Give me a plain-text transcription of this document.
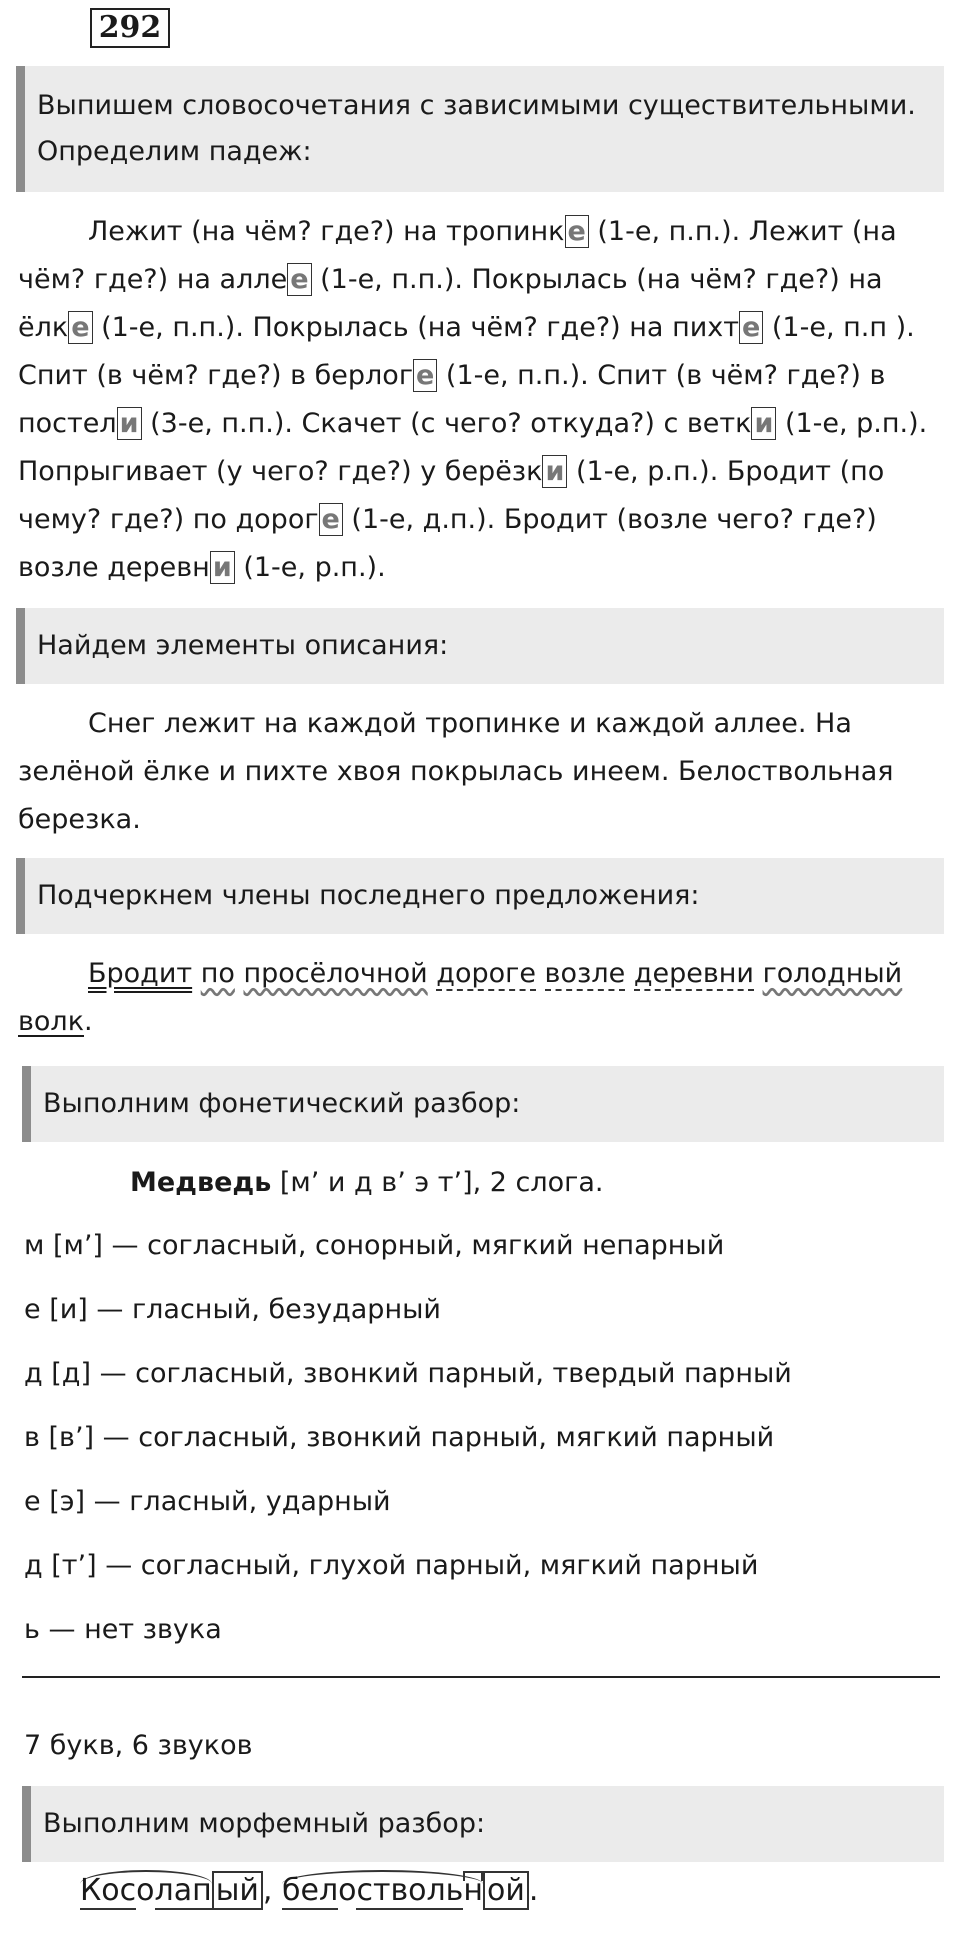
292
Выпишем словосочетания с зависимыми существительными. Определим падеж:

Лежит (на чём? где?) на тропинк е (1-е, п.п.). Лежит (на чём? где?) на алле е (1-е, п.п.). Покрылась (на чём? где?) на ёлк е (1-е, п.п.). Покрылась (на чём? где?) на пихт е (1-е, п.п ). Спит (в чём? где?) в берлог е (1-е, п.п.). Спит (в чём? где?) в постел и (3-е, п.п.). Скачет (с чего? откуда?) с ветк и (1-е, р.п.). Попрыгивает (у чего? где?) у берёзк и (1-е, р.п.). Бродит (по чему? где?) по дорог е (1-е, д.п.). Бродит (возле чего? где?) возле деревн и (1-е, р.п.).

Найдем элементы описания:

Снег лежит на каждой тропинке и каждой аллее. На зелёной ёлке и пихте хвоя покрылась инеем. Белоствольная березка.

Подчеркнем члены последнего предложения:

Бродит по просёлочной дороге возле деревни голодный волк.

Выполним фонетический разбор:
Медведь [м’ и д в’ э т’], 2 слога.
м [м’] — согласный, сонорный, мягкий непарный
е [и] — гласный, безударный
д [д] — согласный, звонкий парный, твердый парный
в [в’] — согласный, звонкий парный, мягкий парный
е [э] — гласный, ударный
д [т’] — согласный, глухой парный, мягкий парный
ь — нет звука
7 букв, 6 звуков
Выполним морфемный разбор:
Косолап ый , белоствольн ой .
